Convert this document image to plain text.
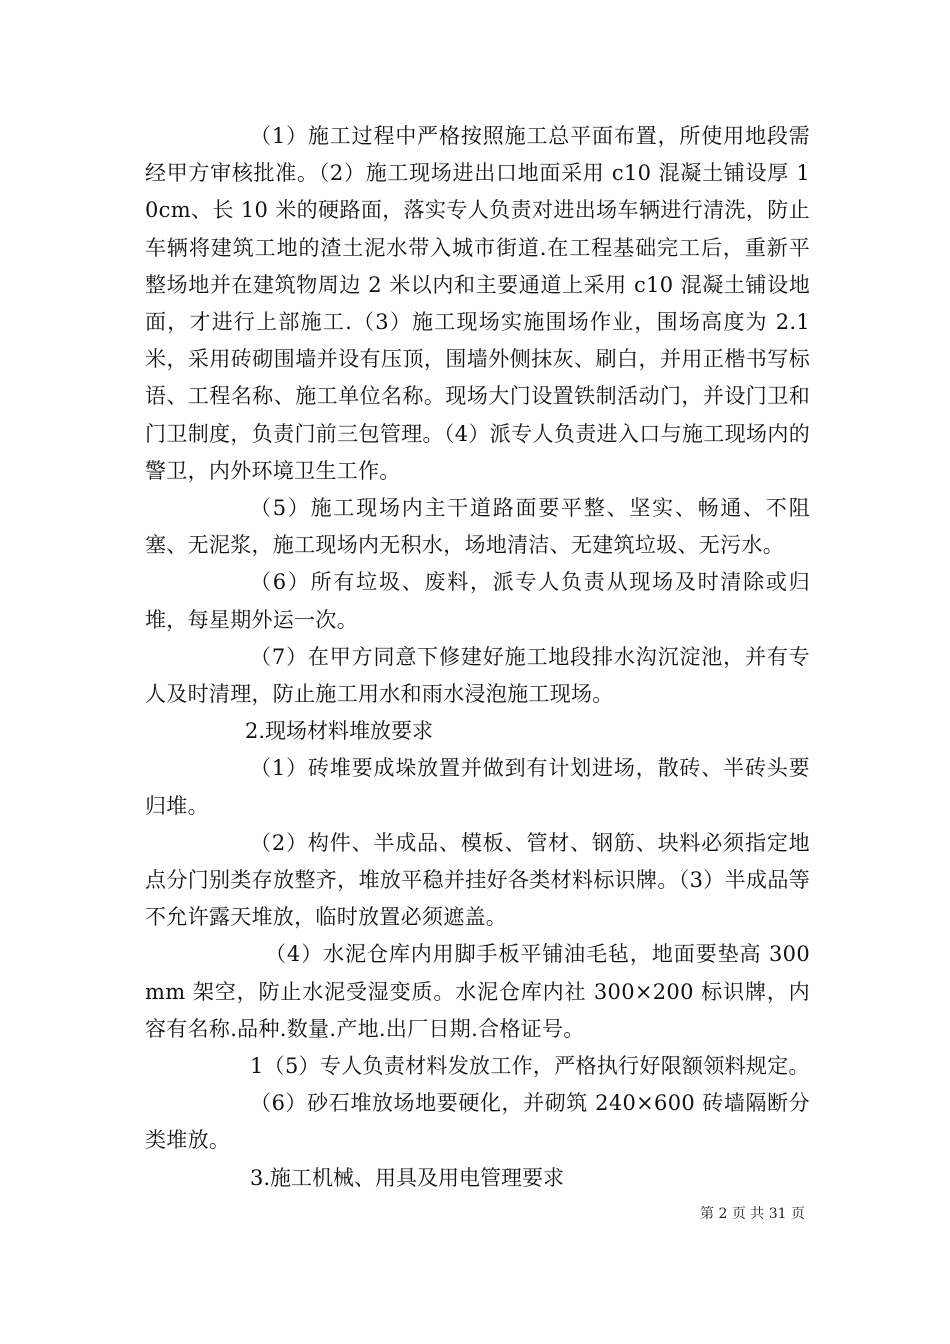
（1）施工过程中严格按照施工总平面布置，所使用地段需经甲方审核批准。（2）施工现场进出口地面采用 c10 混凝土铺设厚 10cm、长 10 米的硬路面，落实专人负责对进出场车辆进行清洗，防止车辆将建筑工地的渣土泥水带入城市街道.在工程基础完工后，重新平整场地并在建筑物周边 2 米以内和主要通道上采用 c10 混凝土铺设地面，才进行上部施工.（3）施工现场实施围场作业，围场高度为 2.1 米，采用砖砌围墙并设有压顶，围墙外侧抹灰、刷白，并用正楷书写标语、工程名称、施工单位名称。现场大门设置铁制活动门，并设门卫和门卫制度，负责门前三包管理。（4）派专人负责进入口与施工现场内的警卫，内外环境卫生工作。

（5）施工现场内主干道路面要平整、坚实、畅通、不阻塞、无泥浆，施工现场内无积水，场地清洁、无建筑垃圾、无污水。

（6）所有垃圾、废料，派专人负责从现场及时清除或归堆，每星期外运一次。

（7）在甲方同意下修建好施工地段排水沟沉淀池，并有专人及时清理，防止施工用水和雨水浸泡施工现场。

2.现场材料堆放要求

（1）砖堆要成垛放置并做到有计划进场，散砖、半砖头要归堆。

（2）构件、半成品、模板、管材、钢筋、块料必须指定地点分门别类存放整齐，堆放平稳并挂好各类材料标识牌。（3）半成品等不允许露天堆放，临时放置必须遮盖。

（4）水泥仓库内用脚手板平铺油毛毡，地面要垫高 300mm 架空，防止水泥受湿变质。水泥仓库内社 300×200 标识牌，内容有名称.品种.数量.产地.出厂日期.合格证号。

1（5）专人负责材料发放工作，严格执行好限额领料规定。

（6）砂石堆放场地要硬化，并砌筑 240×600 砖墙隔断分类堆放。

3.施工机械、用具及用电管理要求

第 2 页 共 31 页
